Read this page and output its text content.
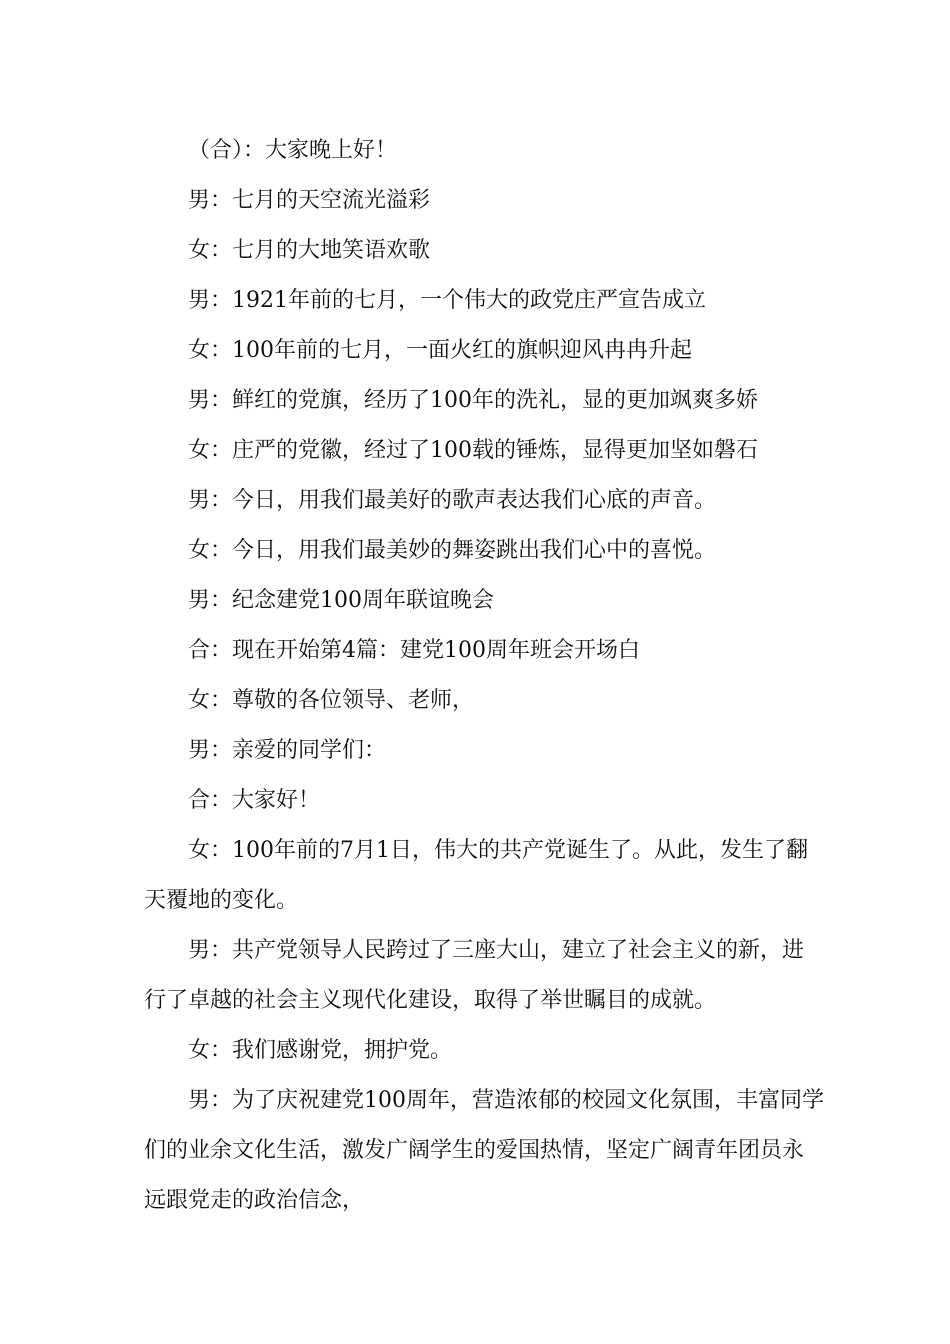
（合）：大家晚上好！

男：七月的天空流光溢彩

女：七月的大地笑语欢歌

男：1921年前的七月，一个伟大的政党庄严宣告成立

女：100年前的七月，一面火红的旗帜迎风冉冉升起

男：鲜红的党旗，经历了100年的洗礼，显的更加飒爽多娇

女：庄严的党徽，经过了100载的锤炼，显得更加坚如磐石

男：今日，用我们最美好的歌声表达我们心底的声音。

女：今日，用我们最美妙的舞姿跳出我们心中的喜悦。

男：纪念建党100周年联谊晚会

合：现在开始第4篇：建党100周年班会开场白

女：尊敬的各位领导、老师，

男：亲爱的同学们：

合：大家好！

女：100年前的7月1日，伟大的共产党诞生了。从此，发生了翻天覆地的变化。

男：共产党领导人民跨过了三座大山，建立了社会主义的新，进行了卓越的社会主义现代化建设，取得了举世瞩目的成就。

女：我们感谢党，拥护党。

男：为了庆祝建党100周年，营造浓郁的校园文化氛围，丰富同学们的业余文化生活，激发广阔学生的爱国热情，坚定广阔青年团员永远跟党走的政治信念，
